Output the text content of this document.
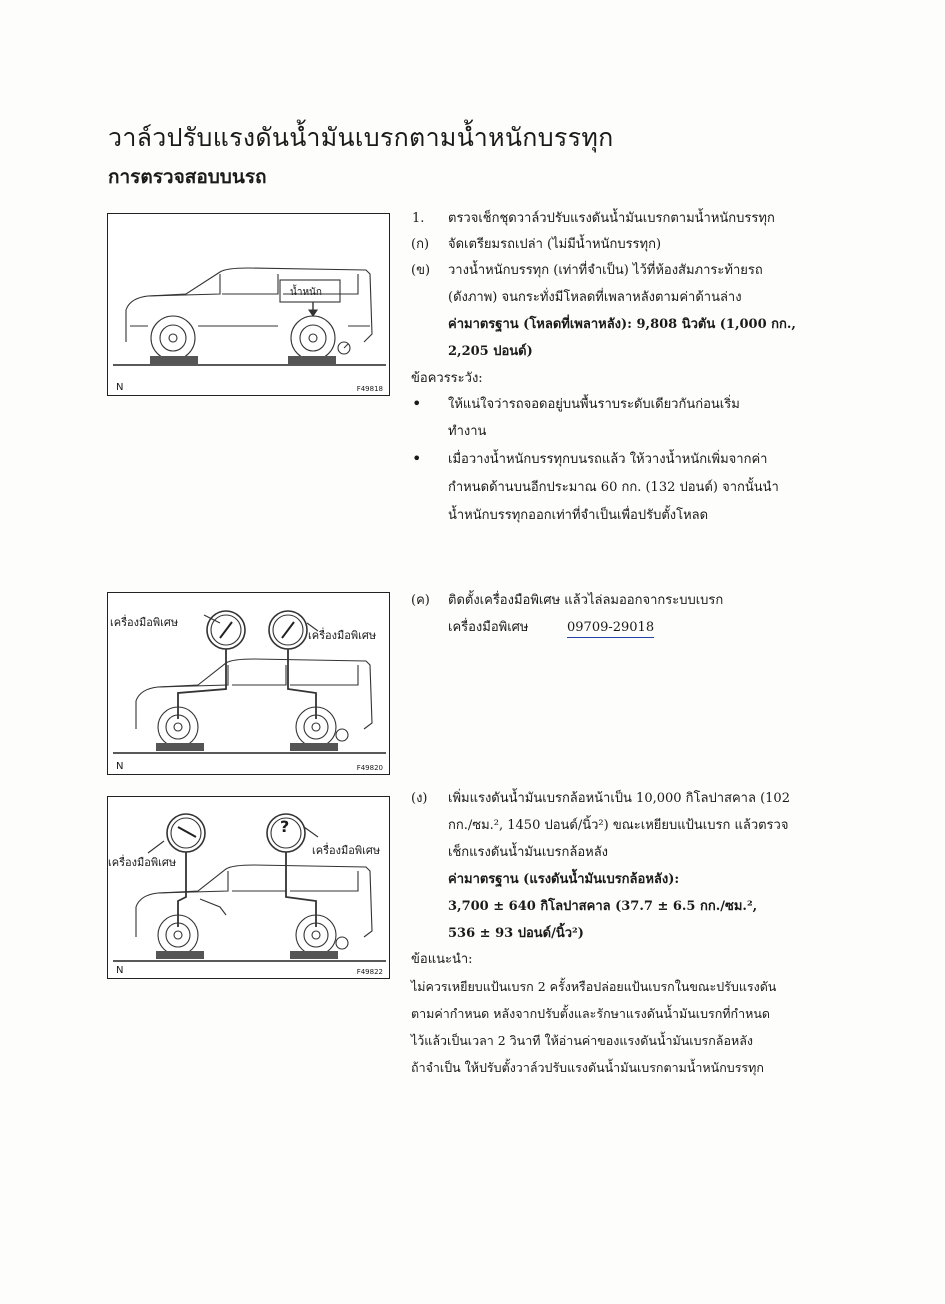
วาล์วปรับแรงดันน้ำมันเบรกตามน้ำหนักบรรทุก
การตรวจสอบบนรถ
น้ำหนัก
N	F49818
1. ตรวจเช็กชุดวาล์วปรับแรงดันน้ำมันเบรกตามน้ำหนักบรรทุก
(ก) จัดเตรียมรถเปล่า (ไม่มีน้ำหนักบรรทุก)
(ข) วางน้ำหนักบรรทุก (เท่าที่จำเป็น) ไว้ที่ห้องสัมภาระท้ายรถ
(ดังภาพ) จนกระทั่งมีโหลดที่เพลาหลังตามค่าด้านล่าง
ค่ามาตรฐาน (โหลดที่เพลาหลัง): 9,808 นิวตัน (1,000 กก.,
2,205 ปอนด์)
ข้อควรระวัง:
• ให้แน่ใจว่ารถจอดอยู่บนพื้นราบระดับเดียวกันก่อนเริ่ม
ทำงาน
• เมื่อวางน้ำหนักบรรทุกบนรถแล้ว ให้วางน้ำหนักเพิ่มจากค่า
กำหนดด้านบนอีกประมาณ 60 กก. (132 ปอนด์) จากนั้นนำ
น้ำหนักบรรทุกออกเท่าที่จำเป็นเพื่อปรับตั้งโหลด
เครื่องมือพิเศษ
เครื่องมือพิเศษ
N	F49820
(ค) ติดตั้งเครื่องมือพิเศษ แล้วไล่ลมออกจากระบบเบรก
เครื่องมือพิเศษ	09709-29018
?
เครื่องมือพิเศษ
เครื่องมือพิเศษ
N	F49822
(ง) เพิ่มแรงดันน้ำมันเบรกล้อหน้าเป็น 10,000 กิโลปาสคาล (102
กก./ซม.², 1450 ปอนด์/นิ้ว²) ขณะเหยียบแป้นเบรก แล้วตรวจ
เช็กแรงดันน้ำมันเบรกล้อหลัง
ค่ามาตรฐาน (แรงดันน้ำมันเบรกล้อหลัง):
3,700 ± 640 กิโลปาสคาล (37.7 ± 6.5 กก./ซม.²,
536 ± 93 ปอนด์/นิ้ว²)
ข้อแนะนำ:
ไม่ควรเหยียบแป้นเบรก 2 ครั้งหรือปล่อยแป้นเบรกในขณะปรับแรงดัน
ตามค่ากำหนด หลังจากปรับตั้งและรักษาแรงดันน้ำมันเบรกที่กำหนด
ไว้แล้วเป็นเวลา 2 วินาที ให้อ่านค่าของแรงดันน้ำมันเบรกล้อหลัง
ถ้าจำเป็น ให้ปรับตั้งวาล์วปรับแรงดันน้ำมันเบรกตามน้ำหนักบรรทุก
